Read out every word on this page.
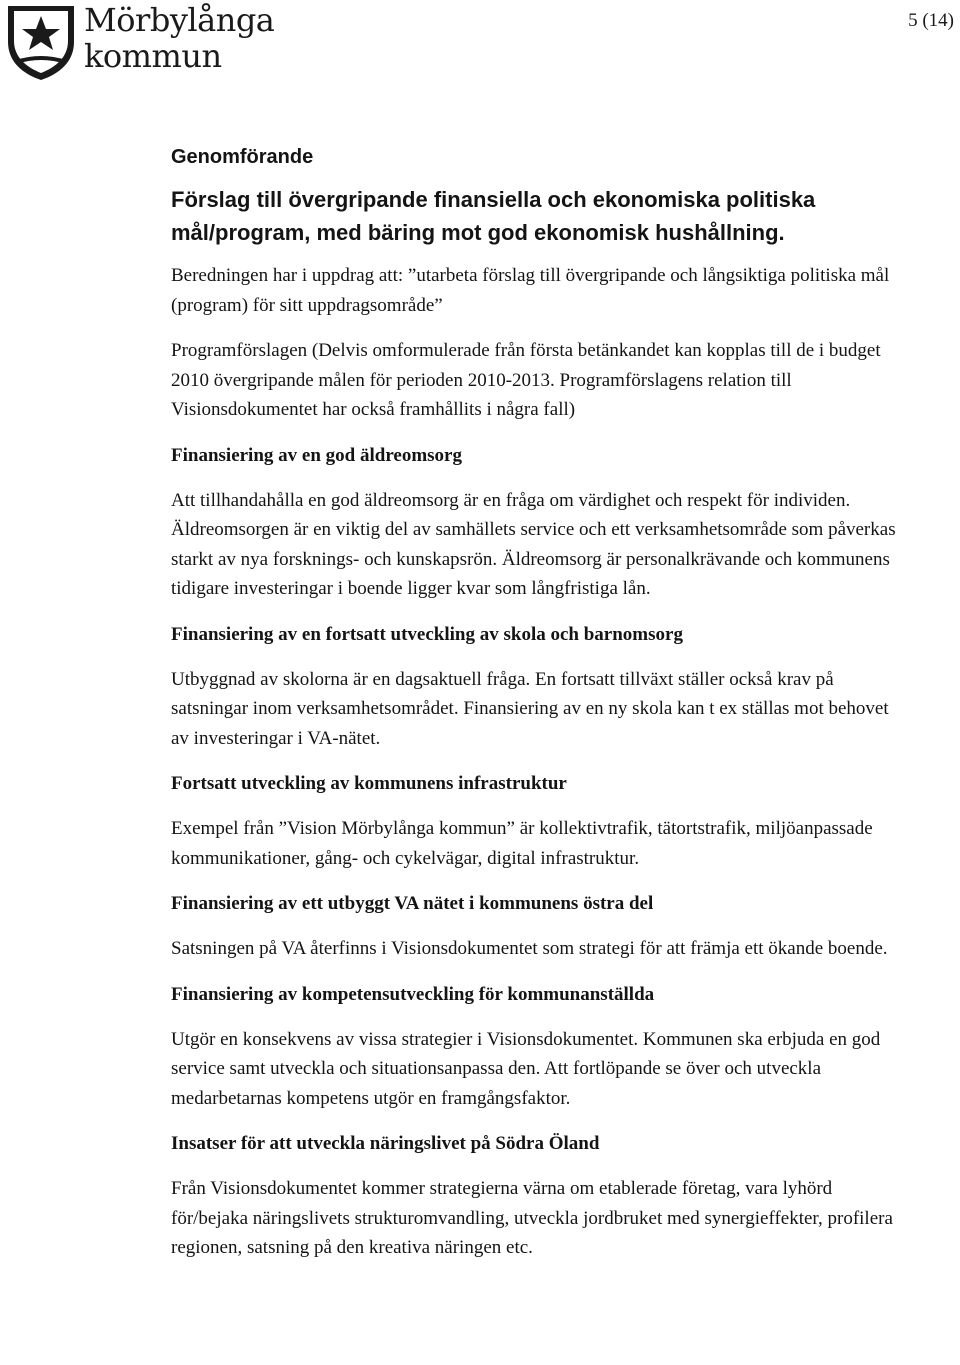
Mörbylånga
kommun
5 (14)
Genomförande
Förslag till övergripande finansiella och ekonomiska politiska mål/program, med bäring mot god ekonomisk hushållning.
Beredningen har i uppdrag att: ”utarbeta förslag till övergripande och långsiktiga politiska mål (program) för sitt uppdragsområde”
Programförslagen (Delvis omformulerade från första betänkandet kan kopplas till de i budget 2010 övergripande målen för perioden 2010-2013. Programförslagens relation till Visionsdokumentet har också framhållits i några fall)
Finansiering av en god äldreomsorg
Att tillhandahålla en god äldreomsorg är en fråga om värdighet och respekt för individen. Äldreomsorgen är en viktig del av samhällets service och ett verksamhetsområde som påverkas starkt av nya forsknings- och kunskapsrön. Äldreomsorg är personalkrävande och kommunens tidigare investeringar i boende ligger kvar som långfristiga lån.
Finansiering av en fortsatt utveckling av skola och barnomsorg
Utbyggnad av skolorna är en dagsaktuell fråga. En fortsatt tillväxt ställer också krav på satsningar inom verksamhetsområdet. Finansiering av en ny skola kan t ex ställas mot behovet av investeringar i VA-nätet.
Fortsatt utveckling av kommunens infrastruktur
Exempel från ”Vision Mörbylånga kommun” är kollektivtrafik, tätortstrafik, miljöanpassade kommunikationer, gång- och cykelvägar, digital infrastruktur.
Finansiering av ett utbyggt VA nätet i kommunens östra del
Satsningen på VA återfinns i Visionsdokumentet som strategi för att främja ett ökande boende.
Finansiering av kompetensutveckling för kommunanställda
Utgör en konsekvens av vissa strategier i Visionsdokumentet. Kommunen ska erbjuda en god service samt utveckla och situationsanpassa den. Att fortlöpande se över och utveckla medarbetarnas kompetens utgör en framgångsfaktor.
Insatser för att utveckla näringslivet på Södra Öland
Från Visionsdokumentet kommer strategierna värna om etablerade företag, vara lyhörd för/bejaka näringslivets strukturomvandling, utveckla jordbruket med synergieffekter, profilera regionen, satsning på den kreativa näringen etc.
